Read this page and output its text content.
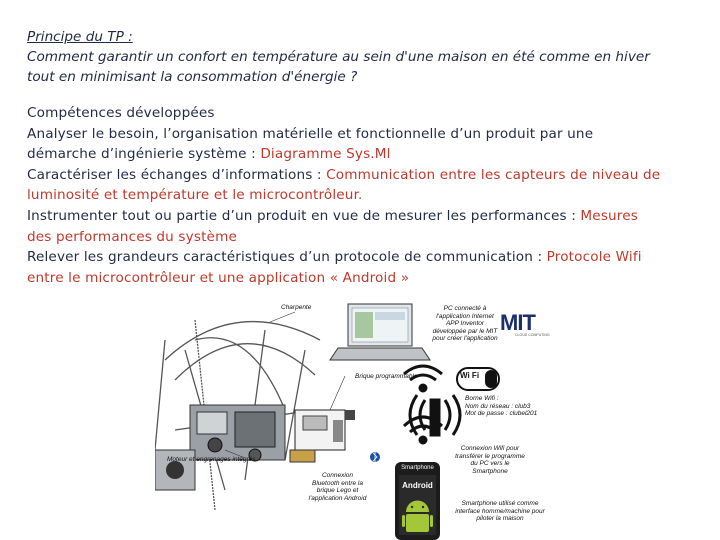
Principe du TP :
Comment garantir un confort en température au sein d'une maison en été comme en hiver
tout en minimisant la consommation d'énergie ?
Compétences développées
Analyser le besoin, l’organisation matérielle et fonctionnelle d’un produit par une
démarche d’ingénierie système : Diagramme Sys.Ml
Caractériser les échanges d’informations : Communication entre les capteurs de niveau de
luminosité et température et le microcontrôleur.
Instrumenter tout ou partie d’un produit en vue de mesurer les performances : Mesures
des performances du système
Relever les grandeurs caractéristiques d’un protocole de communication : Protocole Wifi
entre le microcontrôleur et une application « Android »
Charpente
Brique programmable
Moteur et engrenages intégrés
PC connecté à
l'application Internet
APP Inventor
développée par le MIT
pour créer l'application
MIT
CLOUD COMPUTING
Wi Fi
Borne Wifi :
Nom du réseau : club3
Mot de passe : clubel201
Connexion Wifi pour
transférer le programme
du PC vers le
Smartphone
Connexion
Bluetooth entre la
brique Lego et
l'application Android
Smartphone
Android
Smartphone utilisé comme
interface homme/machine pour
piloter la maison
